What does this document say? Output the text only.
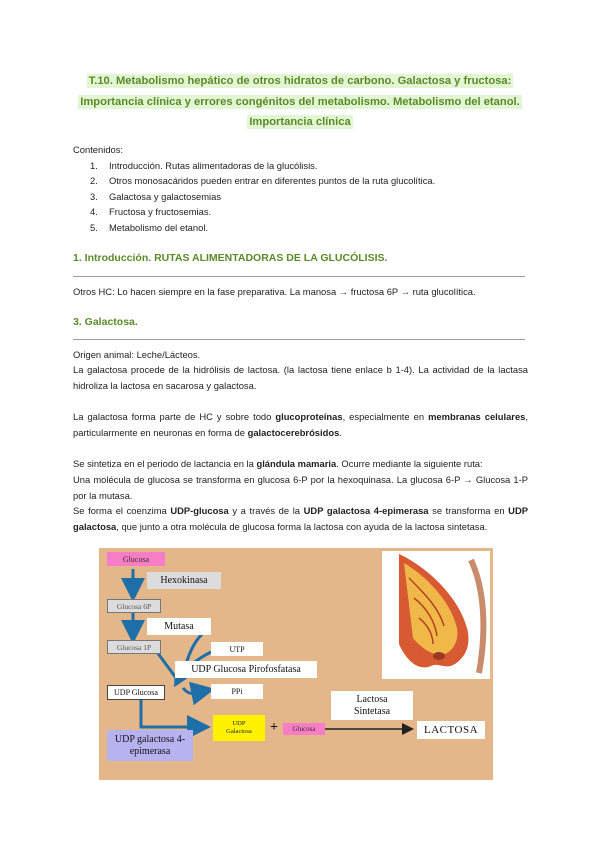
T.10. Metabolismo hepático de otros hidratos de carbono. Galactosa y fructosa:
Importancia clínica y errores congénitos del metabolismo. Metabolismo del etanol.
Importancia clínica
Contenidos:
1.	Introducción. Rutas alimentadoras de la glucólisis.
2.	Otros monosacáridos pueden entrar en diferentes puntos de la ruta glucolítica.
3.	Galactosa y galactosemias
4.	Fructosa y fructosemias.
5.	Metabolismo del etanol.
1. Introducción. RUTAS ALIMENTADORAS DE LA GLUCÓLISIS.
Otros HC: Lo hacen siempre en la fase preparativa. La manosa → fructosa 6P → ruta glucolítica.
3. Galactosa.
Origen animal: Leche/Lácteos.
La galactosa procede de la hidrólisis de lactosa. (la lactosa tiene enlace b 1-4). La actividad de la lactasa hidroliza la lactosa en sacarosa y galactosa.
La galactosa forma parte de HC y sobre todo glucoproteínas, especialmente en membranas celulares, particularmente en neuronas en forma de galactocerebrósidos.
Se sintetiza en el periodo de lactancia en la glándula mamaria. Ocurre mediante la siguiente ruta:
Una molécula de glucosa se transforma en glucosa 6-P por la hexoquinasa. La glucosa 6-P → Glucosa 1-P por la mutasa.
Se forma el coenzima UDP-glucosa y a través de la UDP galactosa 4-epimerasa se transforma en UDP galactosa, que junto a otra molécula de glucosa forma la lactosa con ayuda de la lactosa sintetasa.
Glucosa
Hexokinasa
Glucosa 6P
Mutasa
Glucosa 1P	UTP
UDP Glucosa Pirofosfatasa
UDP Glucosa	PPi
UDP galactosa 4-epimerasa
UDP
Galactosa +	Glucosa
Lactosa
Sintetasa
LACTOSA
